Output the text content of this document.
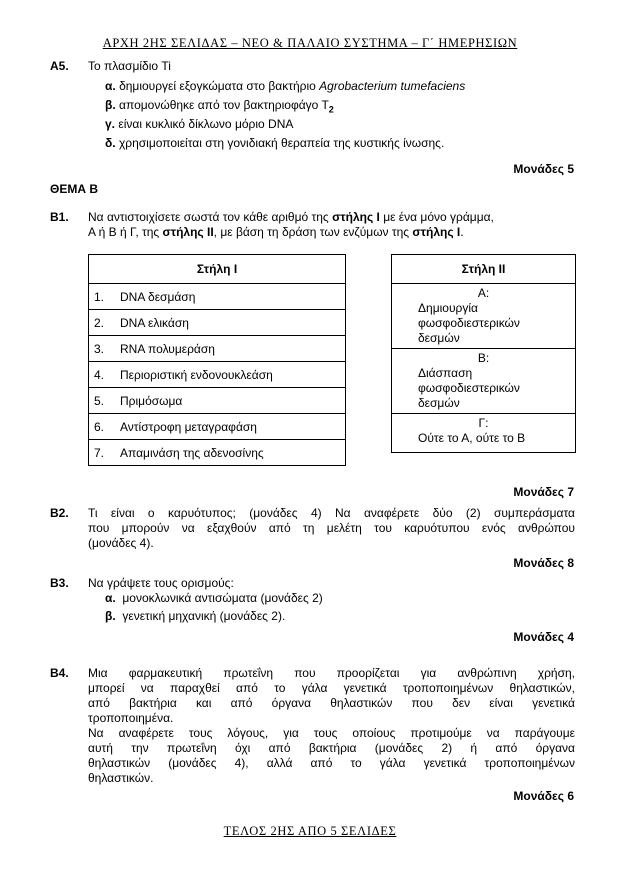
ΑΡΧΗ 2ΗΣ ΣΕΛΙΔΑΣ – ΝΕΟ & ΠΑΛΑΙΟ ΣΥΣΤΗΜΑ – Γ΄ ΗΜΕΡΗΣΙΩΝ
Α5. Το πλασμίδιο Ti
α. δημιουργεί εξογκώματα στο βακτήριο Agrobacterium tumefaciens
β. απομονώθηκε από τον βακτηριοφάγο $T_2$
γ. είναι κυκλικό δίκλωνο μόριο DNA
δ. χρησιμοποιείται στη γονιδιακή θεραπεία της κυστικής ίνωσης.
Μονάδες 5
ΘΕΜΑ Β
Β1. Να αντιστοιχίσετε σωστά τον κάθε αριθμό της στήλης Ι με ένα μόνο γράμμα,
Α ή Β ή Γ, της στήλης ΙΙ, με βάση τη δράση των ενζύμων της στήλης Ι.
Στήλη Ι
1. DNA δεσμάση
2. DNA ελικάση
3. RNA πολυμεράση
4. Περιοριστική ενδονουκλεάση
5. Πριμόσωμα
6. Αντίστροφη μεταγραφάση
7. Απαμινάση της αδενοσίνης
Στήλη ΙΙ

Α:
Δημιουργία
φωσφοδιεστερικών
δεσμών

Β:
Διάσπαση
φωσφοδιεστερικών
δεσμών

Γ:
Ούτε το Α, ούτε το Β
Μονάδες 7
Β2. Τι είναι ο καρυότυπος; (μονάδες 4) Να αναφέρετε δύο (2) συμπεράσματα
που μπορούν να εξαχθούν από τη μελέτη του καρυότυπου ενός ανθρώπου
(μονάδες 4).
Μονάδες 8
Β3. Να γράψετε τους ορισμούς:
α. μονοκλωνικά αντισώματα (μονάδες 2)
β. γενετική μηχανική (μονάδες 2).
Μονάδες 4
Β4. Μια φαρμακευτική πρωτεΐνη που προορίζεται για ανθρώπινη χρήση,
μπορεί να παραχθεί από το γάλα γενετικά τροποποιημένων θηλαστικών,
από βακτήρια και από όργανα θηλαστικών που δεν είναι γενετικά
τροποποιημένα.
Να αναφέρετε τους λόγους, για τους οποίους προτιμούμε να παράγουμε
αυτή την πρωτεΐνη όχι από βακτήρια (μονάδες 2) ή από όργανα
θηλαστικών (μονάδες 4), αλλά από το γάλα γενετικά τροποποιημένων
θηλαστικών.
Μονάδες 6
ΤΕΛΟΣ 2ΗΣ ΑΠΟ 5 ΣΕΛΙΔΕΣ
